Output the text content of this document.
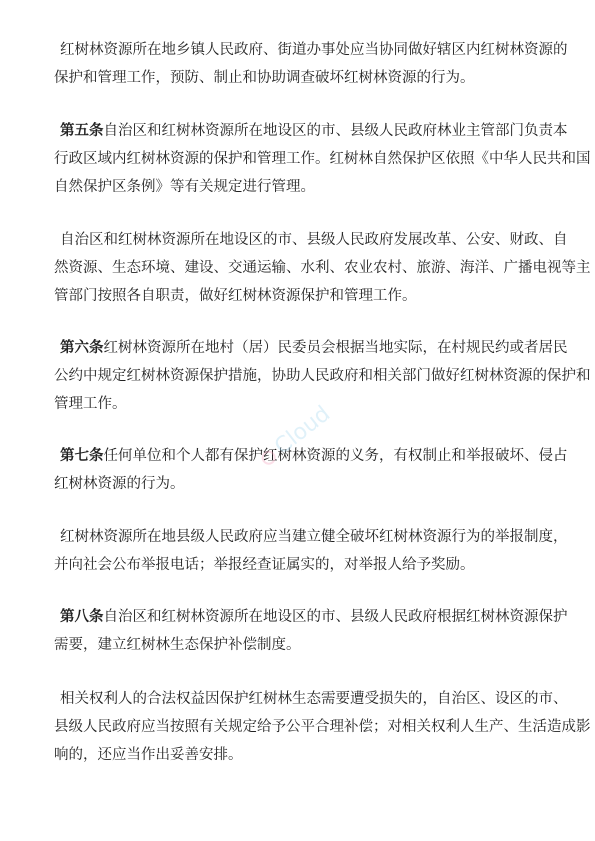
红树林资源所在地乡镇人民政府、街道办事处应当协同做好辖区内红树林资源的
保护和管理工作，预防、制止和协助调查破坏红树林资源的行为。

第五条自治区和红树林资源所在地设区的市、县级人民政府林业主管部门负责本
行政区域内红树林资源的保护和管理工作。红树林自然保护区依照《中华人民共和国
自然保护区条例》等有关规定进行管理。

自治区和红树林资源所在地设区的市、县级人民政府发展改革、公安、财政、自
然资源、生态环境、建设、交通运输、水利、农业农村、旅游、海洋、广播电视等主
管部门按照各自职责，做好红树林资源保护和管理工作。

第六条红树林资源所在地村（居）民委员会根据当地实际，在村规民约或者居民
公约中规定红树林资源保护措施，协助人民政府和相关部门做好红树林资源的保护和
管理工作。

第七条任何单位和个人都有保护红树林资源的义务，有权制止和举报破坏、侵占
红树林资源的行为。

红树林资源所在地县级人民政府应当建立健全破坏红树林资源行为的举报制度，
并向社会公布举报电话；举报经查证属实的，对举报人给予奖励。

第八条自治区和红树林资源所在地设区的市、县级人民政府根据红树林资源保护
需要，建立红树林生态保护补偿制度。

相关权利人的合法权益因保护红树林生态需要遭受损失的，自治区、设区的市、
县级人民政府应当按照有关规定给予公平合理补偿；对相关权利人生产、生活造成影
响的，还应当作出妥善安排。

Cloud
